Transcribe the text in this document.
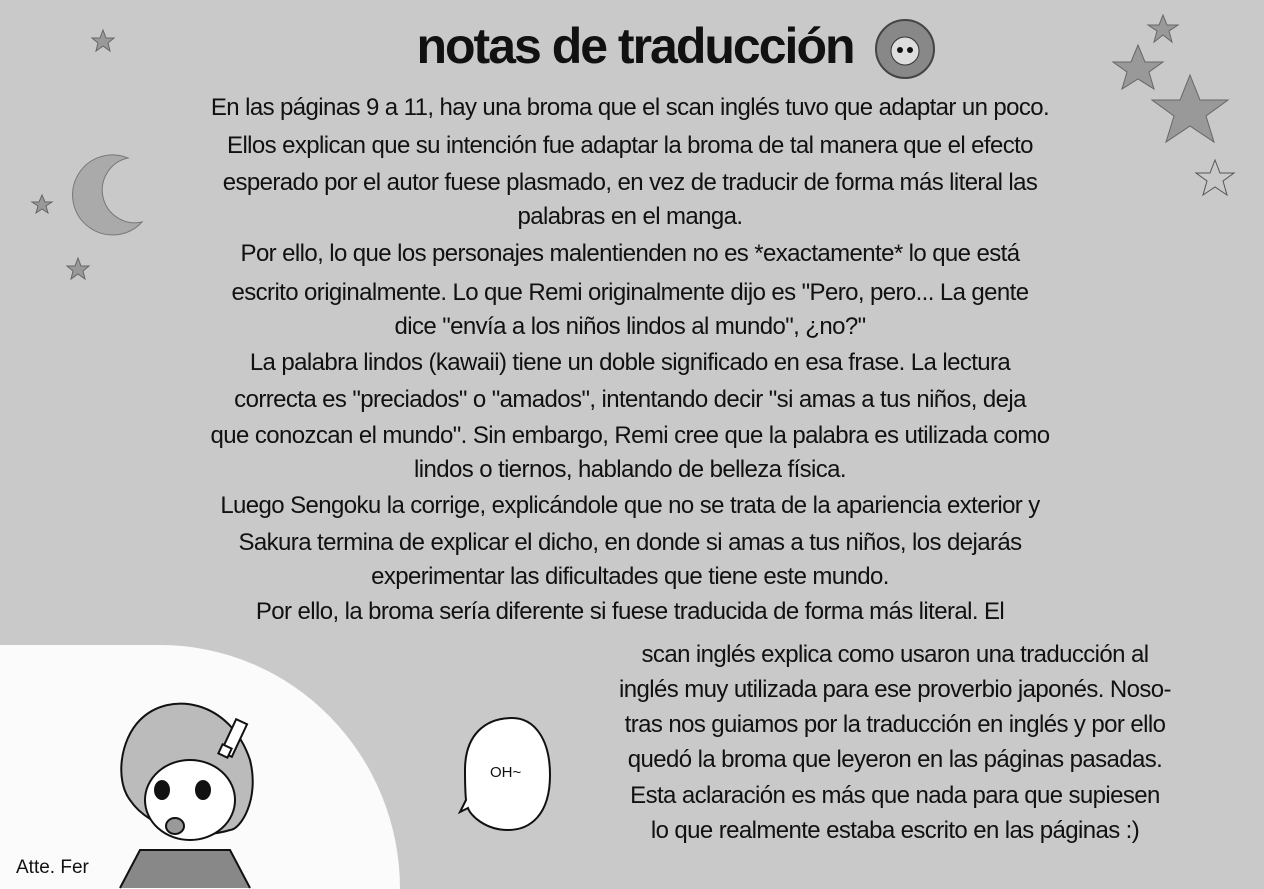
notas de traducción
En las páginas 9 a 11, hay una broma que el scan inglés tuvo que adaptar un poco.
Ellos explican que su intención fue adaptar la broma de tal manera que el efecto
esperado por el autor fuese plasmado, en vez de traducir de forma más literal las
palabras en el manga.
Por ello, lo que los personajes malentienden no es *exactamente* lo que está
escrito originalmente. Lo que Remi originalmente dijo es "Pero, pero... La gente
dice "envía a los niños lindos al mundo", ¿no?"
La palabra lindos (kawaii) tiene un doble significado en esa frase. La lectura
correcta es "preciados" o "amados", intentando decir "si amas a tus niños, deja
que conozcan el mundo". Sin embargo, Remi cree que la palabra es utilizada como
lindos o tiernos, hablando de belleza física.
Luego Sengoku la corrige, explicándole que no se trata de la apariencia exterior y
Sakura termina de explicar el dicho, en donde si amas a tus niños, los dejarás
experimentar las dificultades que tiene este mundo.
Por ello, la broma sería diferente si fuese traducida de forma más literal. El
scan inglés explica como usaron una traducción al
inglés muy utilizada para ese proverbio japonés. Noso-
tras nos guiamos por la traducción en inglés y por ello
quedó la broma que leyeron en las páginas pasadas.
Esta aclaración es más que nada para que supiesen
lo que realmente estaba escrito en las páginas :)
OH~
Atte. Fer
